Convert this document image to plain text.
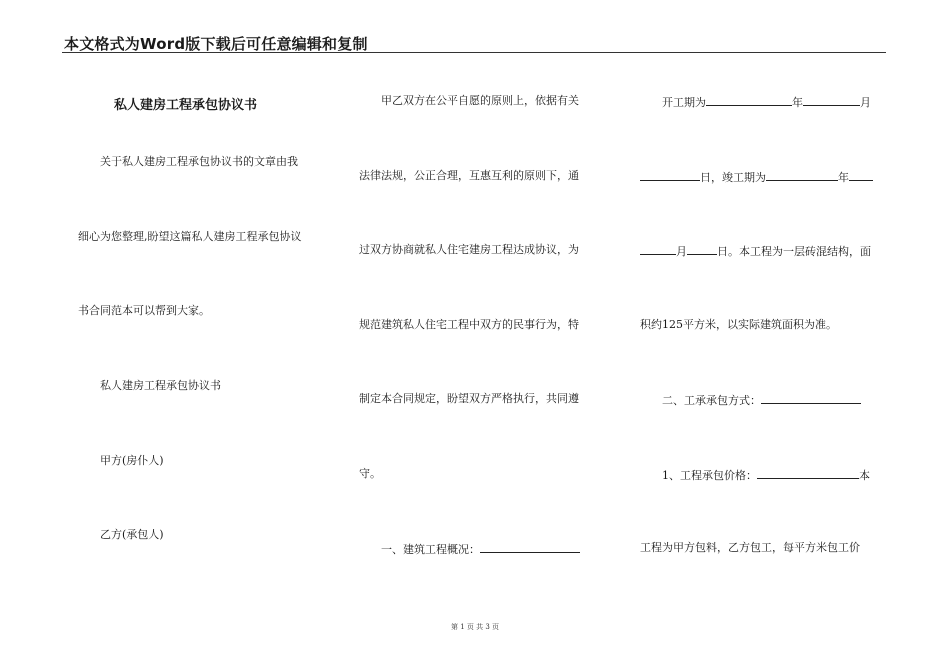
本文格式为Word版下载后可任意编辑和复制
私人建房工程承包协议书
关于私人建房工程承包协议书的文章由我
细心为您整理,盼望这篇私人建房工程承包协议
书合同范本可以帮到大家。
私人建房工程承包协议书
甲方(房仆人)
乙方(承包人)
甲乙双方在公平自愿的原则上，依据有关
法律法规，公正合理，互惠互利的原则下，通
过双方协商就私人住宅建房工程达成协议，为
规范建筑私人住宅工程中双方的民事行为，特
制定本合同规定，盼望双方严格执行，共同遵
守。
一、建筑工程概况：
开工期为	年	月
日，竣工期为	年
月	日。本工程为一层砖混结构，面
积约125平方米，以实际建筑面积为准。
二、工承承包方式：
1、工程承包价格：	本
工程为甲方包料，乙方包工，每平方米包工价
第 1 页 共 3 页
